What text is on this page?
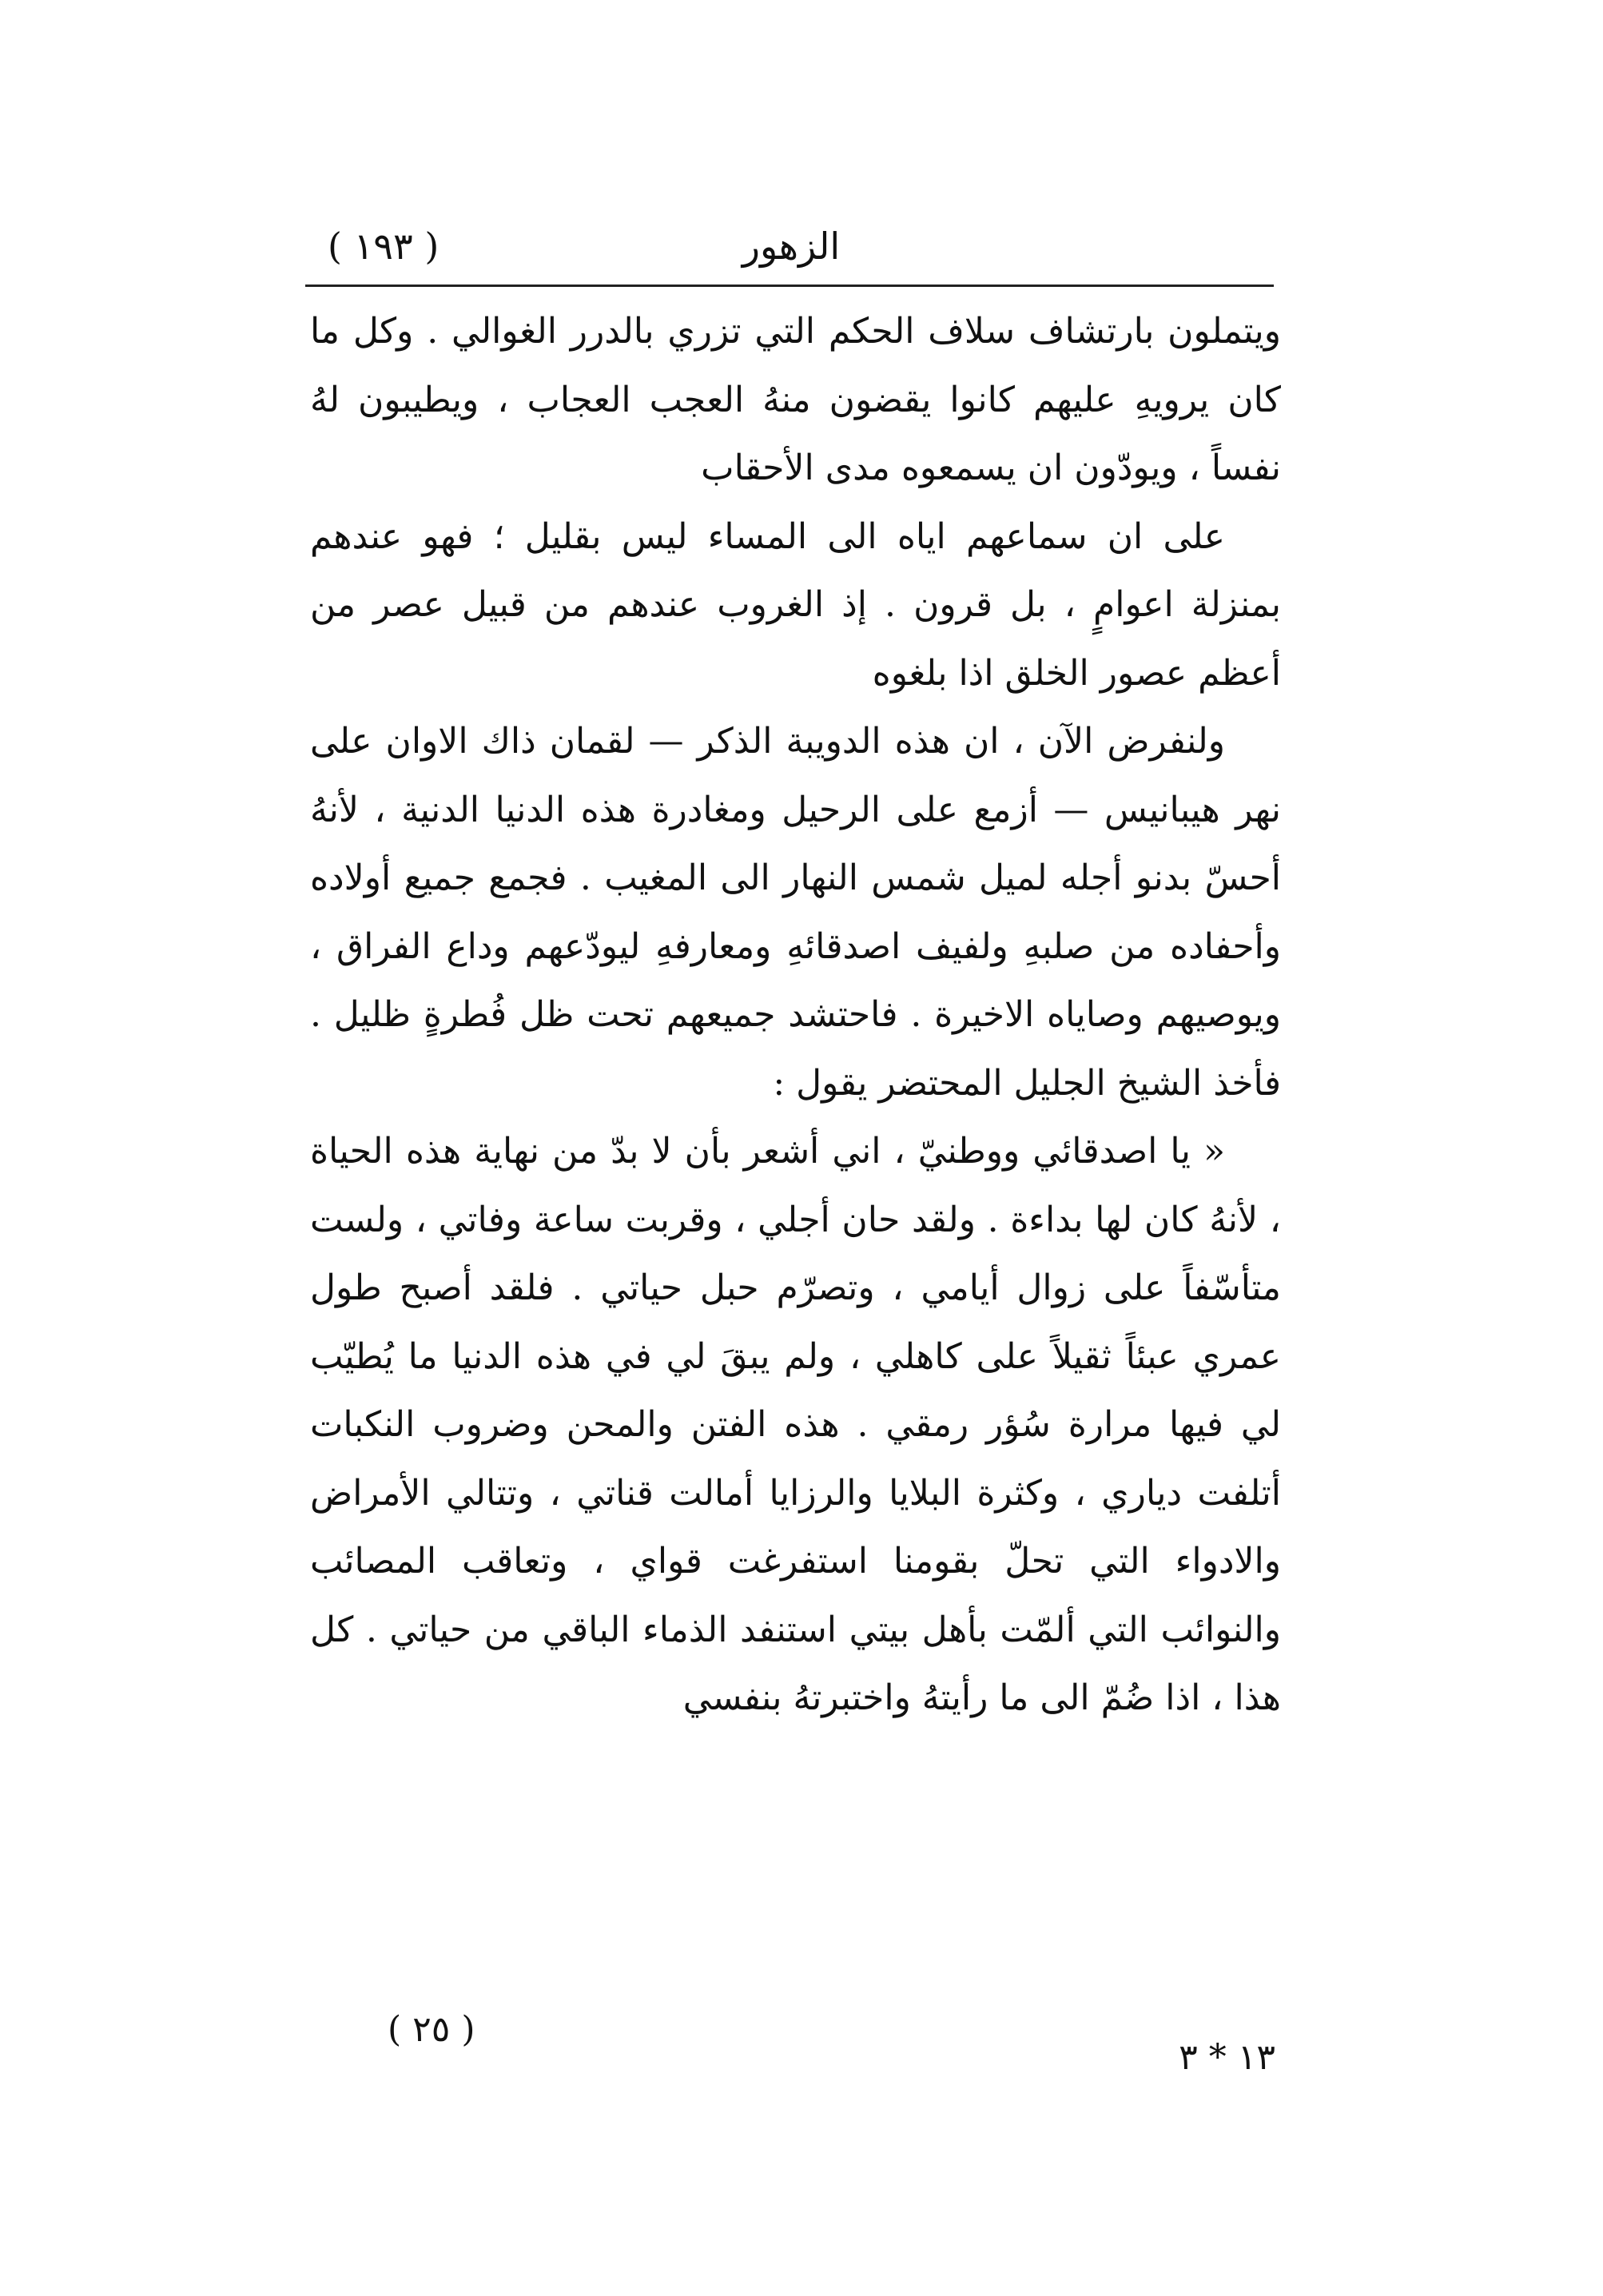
الزهور
( ١٩٣ )

ويتملون بارتشاف سلاف الحكم التي تزري بالدرر الغوالي . وكل ما كان يرويهِ عليهم كانوا يقضون منهُ العجب العجاب ، ويطيبون لهُ نفساً ، ويودّون ان يسمعوه مدى الأحقاب

على ان سماعهم اياه الى المساء ليس بقليل ؛ فهو عندهم بمنزلة اعوامٍ ، بل قرون . إذ الغروب عندهم من قبيل عصر من أعظم عصور الخلق اذا بلغوه

ولنفرض الآن ، ان هذه الدويبة الذكر — لقمان ذاك الاوان على نهر هيبانيس — أزمع على الرحيل ومغادرة هذه الدنيا الدنية ، لأنهُ أحسّ بدنو أجله لميل شمس النهار الى المغيب . فجمع جميع أولاده وأحفاده من صلبهِ ولفيف اصدقائهِ ومعارفهِ ليودّعهم وداع الفراق ، ويوصيهم وصاياه الاخيرة . فاحتشد جميعهم تحت ظل فُطرةٍ ظليل . فأخذ الشيخ الجليل المحتضر يقول :

« يا اصدقائي ووطنيّ ، اني أشعر بأن لا بدّ من نهاية هذه الحياة ، لأنهُ كان لها بداءة . ولقد حان أجلي ، وقربت ساعة وفاتي ، ولست متأسّفاً على زوال أيامي ، وتصرّم حبل حياتي . فلقد أصبح طول عمري عبئاً ثقيلاً على كاهلي ، ولم يبقَ لي في هذه الدنيا ما يُطيّب لي فيها مرارة سُؤر رمقي . هذه الفتن والمحن وضروب النكبات أتلفت دياري ، وكثرة البلايا والرزايا أمالت قناتي ، وتتالي الأمراض والادواء التي تحلّ بقومنا استفرغت قواي ، وتعاقب المصائب والنوائب التي ألمّت بأهل بيتي استنفد الذماء الباقي من حياتي . كل هذا ، اذا ضُمّ الى ما رأيتهُ واختبرتهُ بنفسي

( ٢٥ )
١٣ * ٣
